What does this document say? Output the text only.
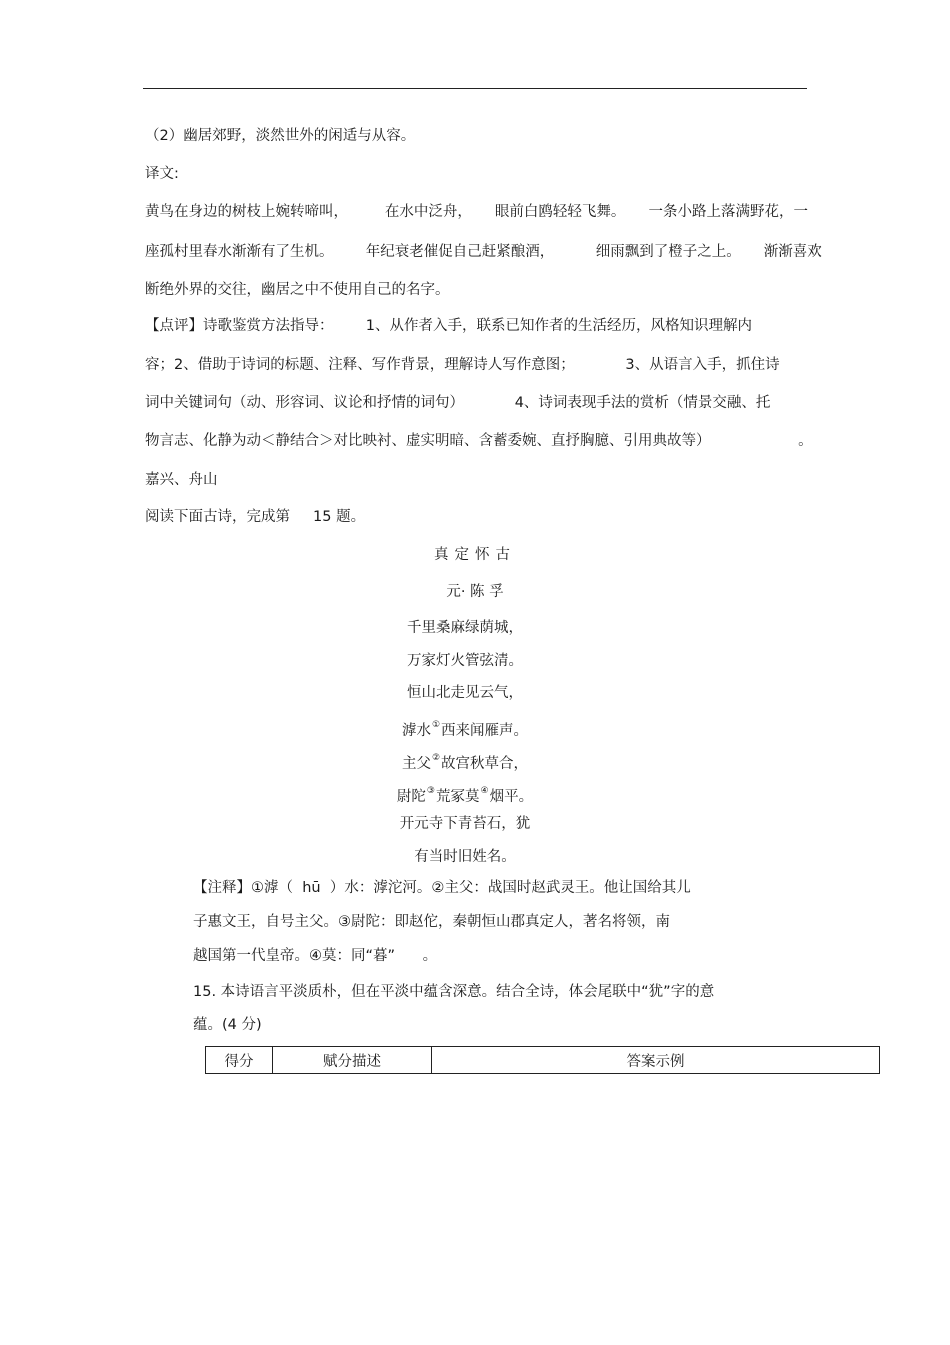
（2）幽居郊野，淡然世外的闲适与从容。
译文:
黄鸟在身边的树枝上婉转啼叫，        在水中泛舟，     眼前白鸥轻轻飞舞。     一条小路上落满野花，一
座孤村里春水渐渐有了生机。       年纪衰老催促自己赶紧酿酒，         细雨飘到了橙子之上。     渐渐喜欢
断绝外界的交往，幽居之中不使用自己的名字。
【点评】诗歌鉴赏方法指导：       1、从作者入手，联系已知作者的生活经历，风格知识理解内
容；2、借助于诗词的标题、注释、写作背景，理解诗人写作意图；           3、从语言入手，抓住诗
词中关键词句（动、形容词、议论和抒情的词句）           4、诗词表现手法的赏析（情景交融、托
物言志、化静为动＜静结合＞对比映衬、虚实明暗、含蓄委婉、直抒胸臆、引用典故等）                   。
嘉兴、舟山
阅读下面古诗，完成第     15 题。
真定怀古
元· 陈 孚
千里桑麻绿荫城，
万家灯火管弦清。
恒山北走见云气，
滹水①西来闻雁声。
主父②故宫秋草合，
尉陀③荒冢莫④烟平。
开元寺下青苔石，犹
有当时旧姓名。
【注释】①滹（  hū  ）水：滹沱河。②主父：战国时赵武灵王。他让国给其儿
子惠文王，自号主父。③尉陀：即赵佗，秦朝恒山郡真定人，著名将领，南
越国第一代皇帝。④莫：同“暮”      。
15. 本诗语言平淡质朴，但在平淡中蕴含深意。结合全诗，体会尾联中“犹”字的意
蕴。(4 分)
得分	赋分描述	答案示例
